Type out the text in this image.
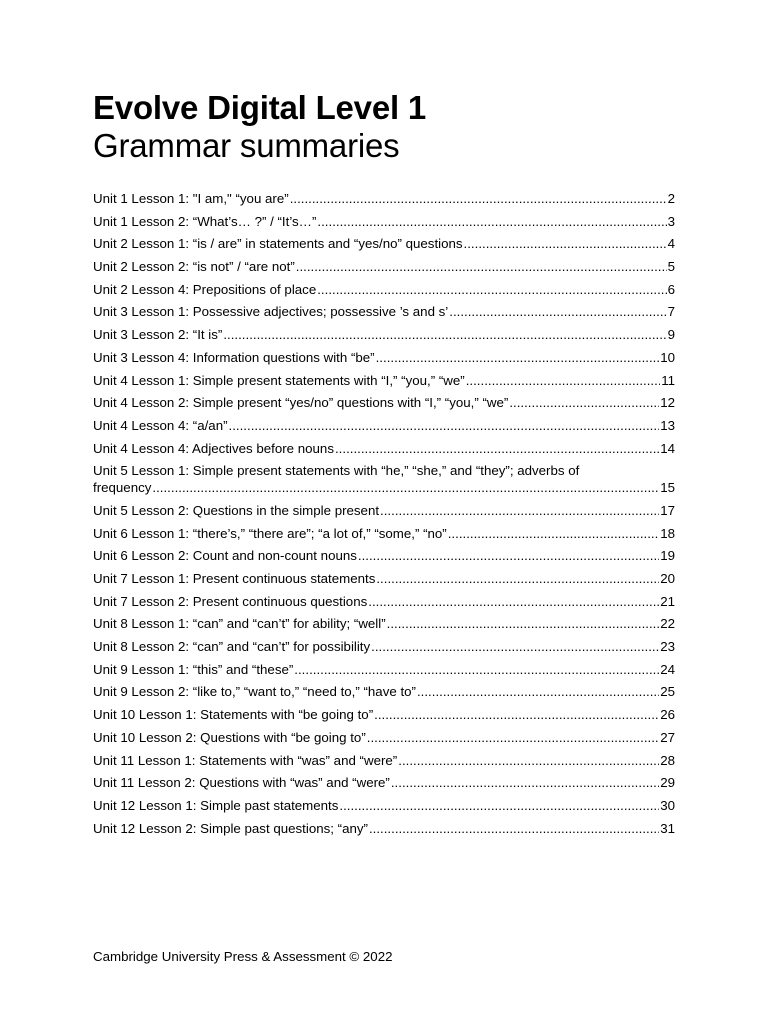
Evolve Digital Level 1
Grammar summaries
Unit 1 Lesson 1: "I am," “you are” .....	2
Unit 1 Lesson 2: “What’s… ?” / “It’s…” .....	3
Unit 2 Lesson 1: “is / are” in statements and “yes/no” questions .....	4
Unit 2 Lesson 2: “is not” / “are not” .....	5
Unit 2 Lesson 4: Prepositions of place .....	6
Unit 3 Lesson 1: Possessive adjectives; possessive ’s and s’ .....	7
Unit 3 Lesson 2: “It is” .....	9
Unit 3 Lesson 4: Information questions with “be” .....	10
Unit 4 Lesson 1: Simple present statements with “I,” “you,” “we” .....	11
Unit 4 Lesson 2: Simple present “yes/no” questions with “I,” “you,” “we” .....	12
Unit 4 Lesson 4: “a/an” .....	13
Unit 4 Lesson 4: Adjectives before nouns .....	14
Unit 5 Lesson 1: Simple present statements with “he,” “she,” and “they”; adverbs of
frequency .....	15
Unit 5 Lesson 2: Questions in the simple present .....	17
Unit 6 Lesson 1: “there’s,” “there are”; “a lot of,” “some,” “no” .....	18
Unit 6 Lesson 2: Count and non-count nouns .....	19
Unit 7 Lesson 1: Present continuous statements .....	20
Unit 7 Lesson 2: Present continuous questions .....	21
Unit 8 Lesson 1: “can” and “can’t” for ability; “well” .....	22
Unit 8 Lesson 2: “can” and “can’t” for possibility .....	23
Unit 9 Lesson 1: “this” and “these” .....	24
Unit 9 Lesson 2: “like to,” “want to,” “need to,” “have to” .....	25
Unit 10 Lesson 1: Statements with “be going to” .....	26
Unit 10 Lesson 2: Questions with “be going to” .....	27
Unit 11 Lesson 1: Statements with “was” and “were” .....	28
Unit 11 Lesson 2: Questions with “was” and “were” .....	29
Unit 12 Lesson 1: Simple past statements .....	30
Unit 12 Lesson 2: Simple past questions; “any” .....	31
Cambridge University Press & Assessment © 2022
